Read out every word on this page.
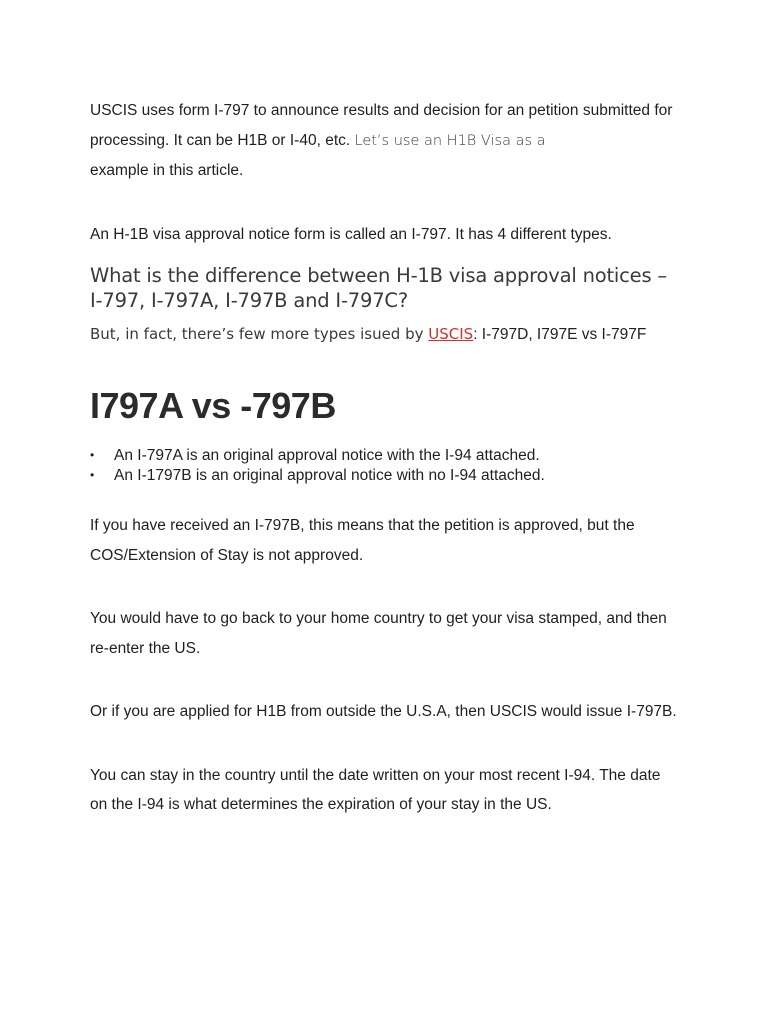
USCIS uses form I-797 to announce results and decision for an petition submitted for processing. It can be H1B or I-40, etc. Let’s use an H1B Visa as a
example in this article.

An H-1B visa approval notice form is called an I-797. It has 4 different types.

What is the difference between H-1B visa approval notices – I-797, I-797A, I-797B and I-797C?

But, in fact, there’s few more types isued by USCIS: I-797D, I797E vs I-797F

I797A vs -797B
•	An I-797A is an original approval notice with the I-94 attached.
•	An I-1797B is an original approval notice with no I-94 attached.

If you have received an I-797B, this means that the petition is approved, but the COS/Extension of Stay is not approved.

You would have to go back to your home country to get your visa stamped, and then re-enter the US.

Or if you are applied for H1B from outside the U.S.A, then USCIS would issue I-797B.

You can stay in the country until the date written on your most recent I-94. The date on the I-94 is what determines the expiration of your stay in the US.
